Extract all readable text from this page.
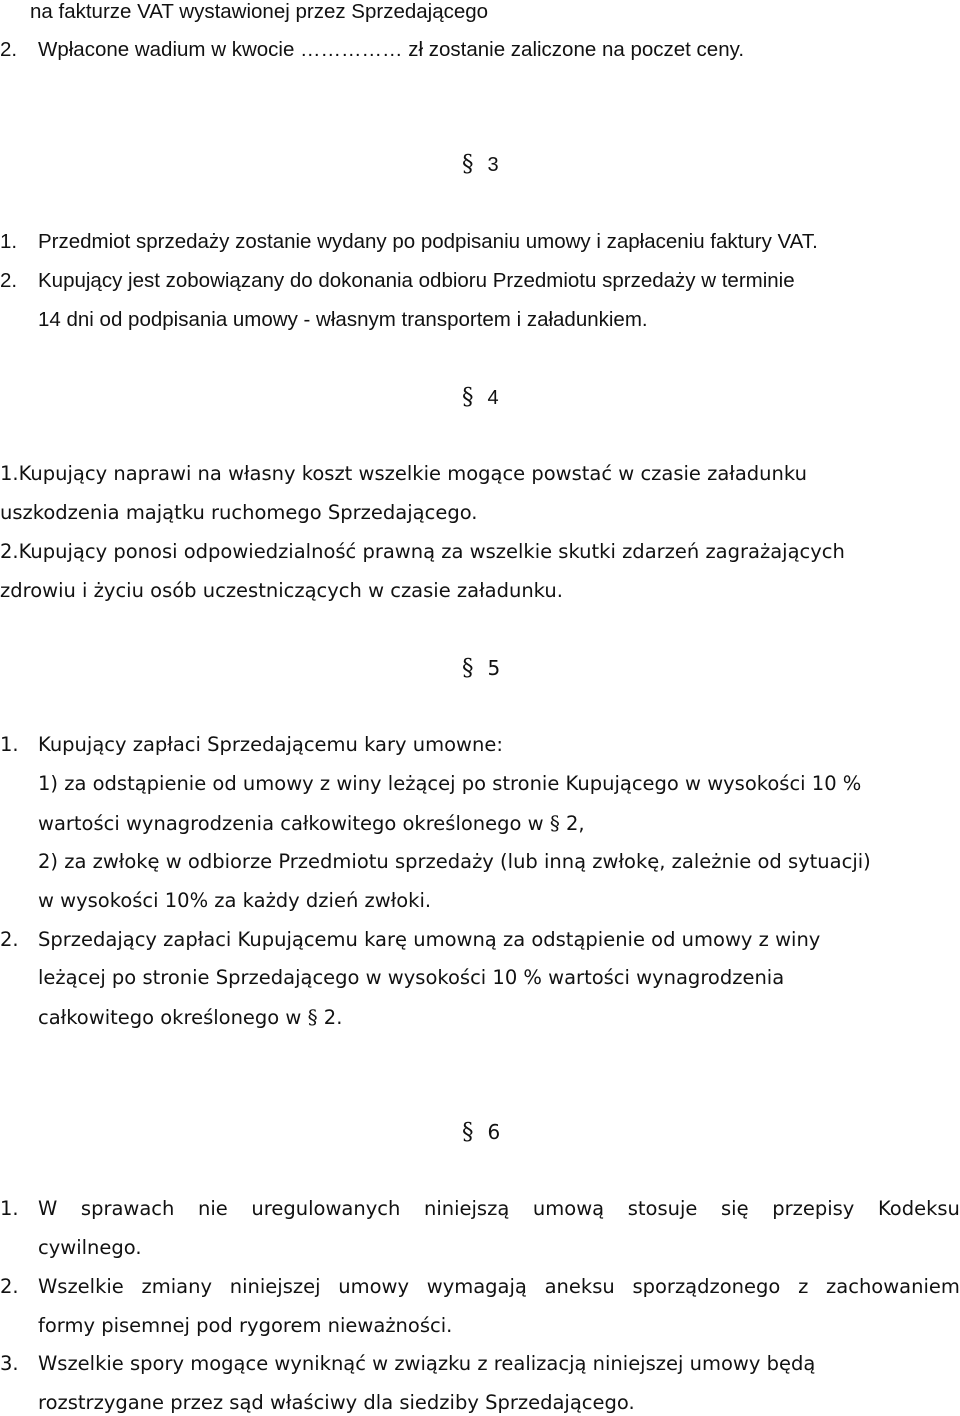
na fakturze VAT wystawionej przez Sprzedającego
2. Wpłacone wadium w kwocie …………… zł zostanie zaliczone na poczet ceny.
§ 3
1. Przedmiot sprzedaży zostanie wydany po podpisaniu umowy i zapłaceniu faktury VAT.
2. Kupujący jest zobowiązany do dokonania odbioru Przedmiotu sprzedaży w terminie
14 dni od podpisania umowy - własnym transportem i załadunkiem.
§ 4
1.Kupujący naprawi na własny koszt wszelkie mogące powstać w czasie załadunku
uszkodzenia majątku ruchomego Sprzedającego.
2.Kupujący ponosi odpowiedzialność prawną za wszelkie skutki zdarzeń zagrażających
zdrowiu i życiu osób uczestniczących w czasie załadunku.
§ 5
1. Kupujący zapłaci Sprzedającemu kary umowne:
1) za odstąpienie od umowy z winy leżącej po stronie Kupującego w wysokości 10 %
wartości wynagrodzenia całkowitego określonego w § 2,
2) za zwłokę w odbiorze Przedmiotu sprzedaży (lub inną zwłokę, zależnie od sytuacji)
w wysokości 10% za każdy dzień zwłoki.
2. Sprzedający zapłaci Kupującemu karę umowną za odstąpienie od umowy z winy
leżącej po stronie Sprzedającego w wysokości 10 % wartości wynagrodzenia
całkowitego określonego w § 2.
§ 6
1. W sprawach nie uregulowanych niniejszą umową stosuje się przepisy Kodeksu
cywilnego.
2. Wszelkie zmiany niniejszej umowy wymagają aneksu sporządzonego z zachowaniem
formy pisemnej pod rygorem nieważności.
3. Wszelkie spory mogące wyniknąć w związku z realizacją niniejszej umowy będą
rozstrzygane przez sąd właściwy dla siedziby Sprzedającego.
